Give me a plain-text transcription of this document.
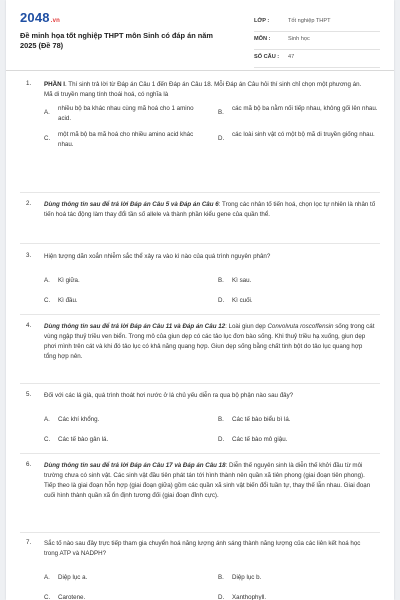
2048.vn
Đề minh họa tốt nghiệp THPT môn Sinh có đáp án năm 2025 (Đề 78)
LỚP :	Tốt nghiệp THPT
MÔN :	Sinh học
SỐ CÂU : 47
1. PHẦN I. Thí sinh trả lời từ Đáp án Câu 1 đến Đáp án Câu 18. Mỗi Đáp án Câu hỏi thí sinh chỉ chọn một phương án.
Mã di truyền mang tính thoái hoá, có nghĩa là
A.
nhiều bộ ba khác nhau cùng mã hoá cho 1 amino acid.
B.
các mã bộ ba nằm nối tiếp nhau, không gối lên nhau.
C.
một mã bộ ba mã hoá cho nhiều amino acid khác nhau.
D.
các loài sinh vật có một bộ mã di truyền giống nhau.
2. Dùng thông tin sau để trả lời Đáp án Câu 5 và Đáp án Câu 6: Trong các nhân tố tiến hoá, chọn lọc tự nhiên là nhân tố tiến hoá tác động làm thay đổi tần số allele và thành phần kiểu gene của quần thể.
3. Hiện tượng dãn xoắn nhiễm sắc thể xảy ra vào kì nào của quá trình nguyên phân?
A. Kì giữa.	B. Kì sau.
C. Kì đầu.	D. Kì cuối.
4. Dùng thông tin sau để trả lời Đáp án Câu 11 và Đáp án Câu 12: Loài giun dẹp Convolvuta roscoffensin sống trong cát vùng ngập thuỷ triều ven biển. Trong mô của giun dẹp có các tảo lục đơn bào sống. Khi thuỷ triều hạ xuống, giun dẹp phơi mình trên cát và khi đó tảo lục có khả năng quang hợp. Giun dẹp sống bằng chất tinh bột do tảo lục quang hợp tổng hợp nên.
5. Đối với các lá già, quá trình thoát hơi nước ở lá chủ yếu diễn ra qua bộ phận nào sau đây?
A. Các khí khổng.	B. Các tế bào biểu bì lá.
C. Các tế bào gân lá.	D. Các tế bào mô giậu.
6. Dùng thông tin sau để trả lời Đáp án Câu 17 và Đáp án Câu 18: Diễn thế nguyên sinh là diễn thế khởi đầu từ môi trường chưa có sinh vật. Các sinh vật đầu tiên phát tán tới hình thành nên quần xã tiên phong (giai đoạn tiên phong). Tiếp theo là giai đoạn hỗn hợp (giai đoạn giữa) gồm các quần xã sinh vật biến đổi tuần tự, thay thế lẫn nhau. Giai đoạn cuối hình thành quần xã ổn định tương đối (giai đoạn đỉnh cực).
7. Sắc tố nào sau đây trực tiếp tham gia chuyển hoá năng lượng ánh sáng thành năng lượng của các liên kết hoá học trong ATP và NADPH?
A. Diệp lục a.	B. Diệp lục b.
C. Carotene.	D. Xanthophyll.
